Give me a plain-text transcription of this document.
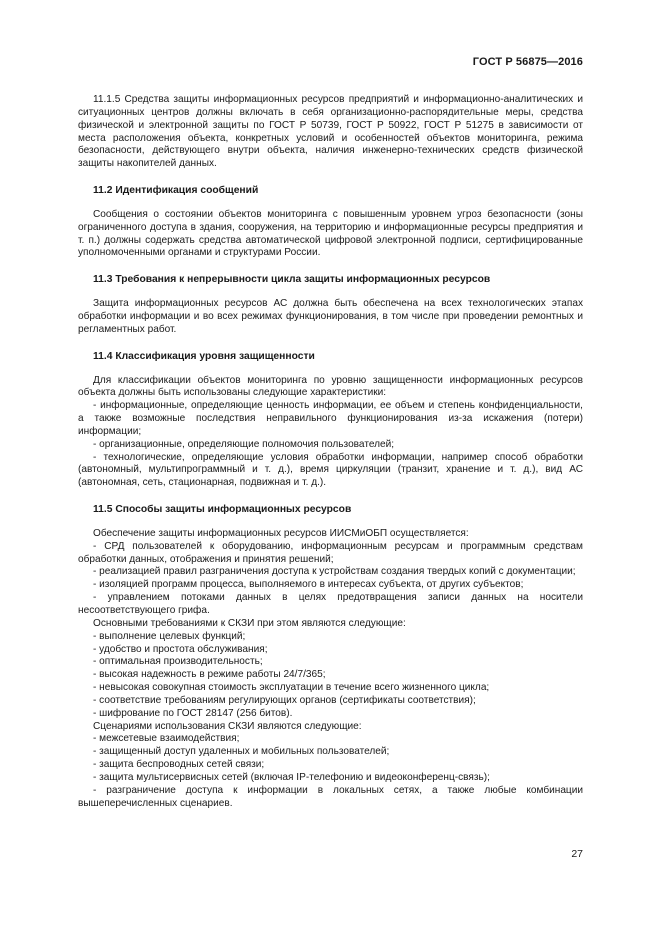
ГОСТ Р 56875—2016

11.1.5 Средства защиты информационных ресурсов предприятий и информационно-аналитических и ситуационных центров должны включать в себя организационно-распорядительные меры, средства физической и электронной защиты по ГОСТ Р 50739, ГОСТ Р 50922, ГОСТ Р 51275 в зависимости от места расположения объекта, конкретных условий и особенностей объектов мониторинга, режима безопасности, действующего внутри объекта, наличия инженерно-технических средств физической защиты накопителей данных.

11.2 Идентификация сообщений

Сообщения о состоянии объектов мониторинга с повышенным уровнем угроз безопасности (зоны ограниченного доступа в здания, сооружения, на территорию и информационные ресурсы предприятия и т. п.) должны содержать средства автоматической цифровой электронной подписи, сертифицированные уполномоченными органами и структурами России.

11.3 Требования к непрерывности цикла защиты информационных ресурсов

Защита информационных ресурсов АС должна быть обеспечена на всех технологических этапах обработки информации и во всех режимах функционирования, в том числе при проведении ремонтных и регламентных работ.

11.4 Классификация уровня защищенности

Для классификации объектов мониторинга по уровню защищенности информационных ресурсов объекта должны быть использованы следующие характеристики:

- информационные, определяющие ценность информации, ее объем и степень конфиденциальности, а также возможные последствия неправильного функционирования из-за искажения (потери) информации;

- организационные, определяющие полномочия пользователей;

- технологические, определяющие условия обработки информации, например способ обработки (автономный, мультипрограммный и т. д.), время циркуляции (транзит, хранение и т. д.), вид АС (автономная, сеть, стационарная, подвижная и т. д.).

11.5 Способы защиты информационных ресурсов

Обеспечение защиты информационных ресурсов ИИСМиОБП осуществляется:

- СРД пользователей к оборудованию, информационным ресурсам и программным средствам обработки данных, отображения и принятия решений;

- реализацией правил разграничения доступа к устройствам создания твердых копий с документации;

- изоляцией программ процесса, выполняемого в интересах субъекта, от других субъектов;

- управлением потоками данных в целях предотвращения записи данных на носители несоответствующего грифа.

Основными требованиями к СКЗИ при этом являются следующие:

- выполнение целевых функций;

- удобство и простота обслуживания;

- оптимальная производительность;

- высокая надежность в режиме работы 24/7/365;

- невысокая совокупная стоимость эксплуатации в течение всего жизненного цикла;

- соответствие требованиям регулирующих органов (сертификаты соответствия);

- шифрование по ГОСТ 28147 (256 битов).

Сценариями использования СКЗИ являются следующие:

- межсетевые взаимодействия;

- защищенный доступ удаленных и мобильных пользователей;

- защита беспроводных сетей связи;

- защита мультисервисных сетей (включая IP-телефонию и видеоконференц-связь);

- разграничение доступа к информации в локальных сетях, а также любые комбинации вышеперечисленных сценариев.

27
